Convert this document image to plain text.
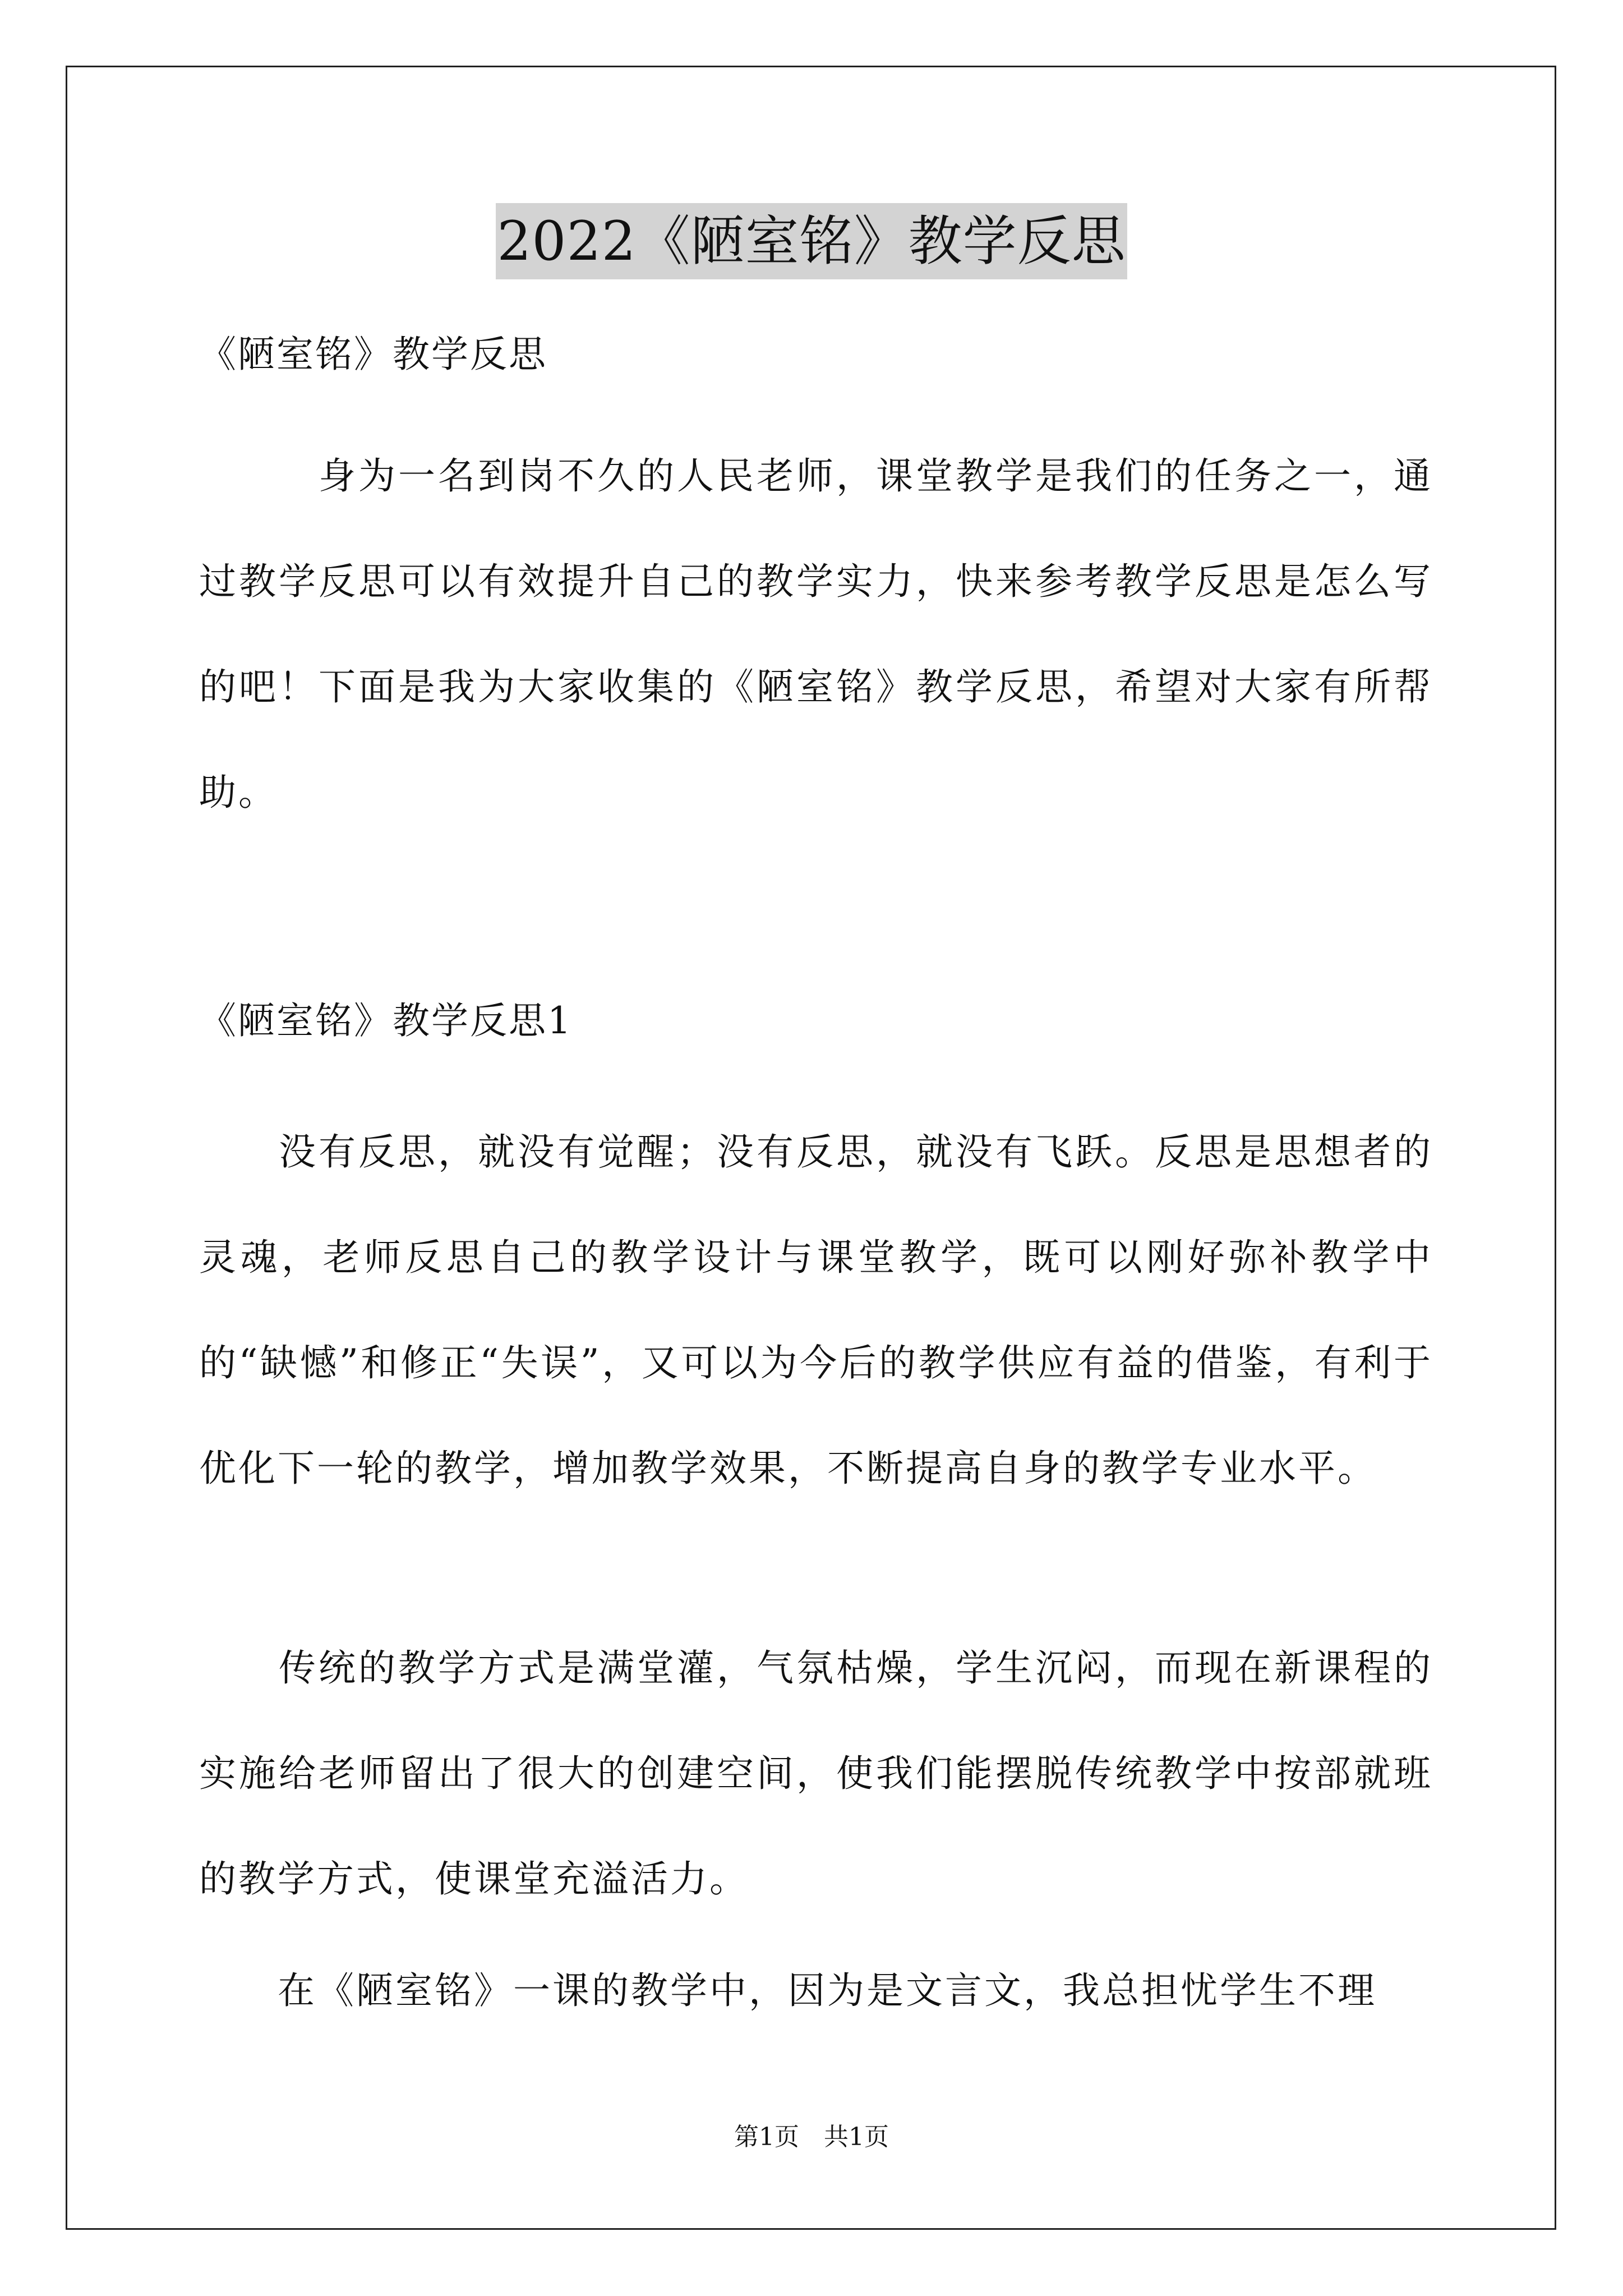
2022《陋室铭》教学反思
《陋室铭》教学反思

　　　身为一名到岗不久的人民老师，课堂教学是我们的任务之一，通过教学反思可以有效提升自己的教学实力，快来参考教学反思是怎么写的吧！下面是我为大家收集的《陋室铭》教学反思，希望对大家有所帮助。

《陋室铭》教学反思1

　　没有反思，就没有觉醒；没有反思，就没有飞跃。反思是思想者的灵魂，老师反思自己的教学设计与课堂教学，既可以刚好弥补教学中的“缺憾”和修正“失误”，又可以为今后的教学供应有益的借鉴，有利于优化下一轮的教学，增加教学效果，不断提高自身的教学专业水平。

　　传统的教学方式是满堂灌，气氛枯燥，学生沉闷，而现在新课程的实施给老师留出了很大的创建空间，使我们能摆脱传统教学中按部就班的教学方式，使课堂充溢活力。

　　在《陋室铭》一课的教学中，因为是文言文，我总担忧学生不理

第1页　共1页
